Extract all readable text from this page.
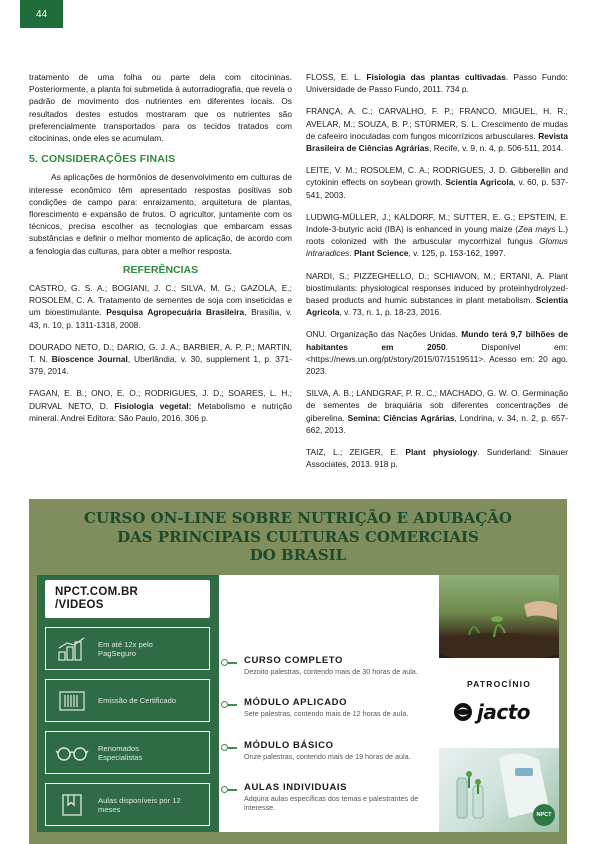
44

tratamento de uma folha ou parte dela com citocininas. Posteriormente, a planta foi submetida à autorradiografia, que revela o padrão de movimento dos nutrientes em diferentes locais. Os resultados destes estudos mostraram que os nutrientes são preferencialmente transportados para os tecidos tratados com citocininas, onde eles se acumulam.

5. CONSIDERAÇÕES FINAIS

As aplicações de hormônios de desenvolvimento em culturas de interesse econômico têm apresentado respostas positivas sob condições de campo para: enraizamento, arquitetura de plantas, florescimento e expansão de frutos. O agricultor, juntamente com os técnicos, precisa escolher as tecnologias que embarcam essas substâncias e definir o melhor momento de aplicação, de acordo com a fenologia das culturas, para obter a melhor resposta.

REFERÊNCIAS

CASTRO, G. S. A.; BOGIANI, J. C.; SILVA, M. G.; GAZOLA, E.; ROSOLEM, C. A. Tratamento de sementes de soja com inseticidas e um bioestimulante. Pesquisa Agropecuária Brasileira, Brasília, v. 43, n. 10, p. 1311-1318, 2008.

DOURADO NETO, D.; DARIO, G. J. A.; BARBIER, A. P. P.; MARTIN, T. N. Bioscence Journal, Uberlândia, v. 30, supplement 1, p. 371-379, 2014.

FAGAN, E. B.; ONO, E. O.; RODRIGUES, J. D.; SOARES, L. H.; DURVAL NETO, D. Fisiologia vegetal: Metabolismo e nutrição mineral. Andrei Editora: São Paulo, 2016. 306 p.

FLOSS, E. L. Fisiologia das plantas cultivadas. Passo Fundo: Universidade de Passo Fundo, 2011. 734 p.

FRANÇA, A. C.; CARVALHO, F. P.; FRANCO, MIGUEL, H. R.; AVELAR, M.; SOUZA, B. P.; STÜRMER, S. L. Crescimento de mudas de cafeeiro inoculadas com fungos micorrízicos arbusculares. Revista Brasileira de Ciências Agrárias, Recife, v. 9, n. 4, p. 506-511, 2014.

LEITE, V. M.; ROSOLEM, C. A.; RODRIGUES, J. D. Gibberellin and cytokinin effects on soybean growth. Scientia Agricola, v. 60, p. 537-541, 2003.

LUDWIG-MÜLLER, J.; KALDORF, M.; SUTTER, E. G.; EPSTEIN, E. Indole-3-butyric acid (IBA) is enhanced in young maize (Zea mays L.) roots colonized with the arbuscular mycorrhizal fungus Glomus intraradices. Plant Science, v. 125, p. 153-162, 1997.

NARDI, S.; PIZZEGHELLO, D.; SCHIAVON, M.; ERTANI, A. Plant biostimulants: physiological responses induced by proteinhydrolyzed-based products and humic substances in plant metabolism. Scientia Agricola, v. 73, n. 1, p. 18-23, 2016.

ONU. Organização das Nações Unidas. Mundo terá 9,7 bilhões de habitantes em 2050. Disponível em: <https://news.un.org/pt/story/2015/07/1519511>. Acesso em: 20 ago. 2023.

SILVA, A. B.; LANDGRAF, P. R. C.; MACHADO, G. W. O. Germinação de sementes de braquiária sob diferentes concentrações de giberelina. Semina: Ciências Agrárias, Londrina, v. 34, n. 2, p. 657-662, 2013.

TAIZ, L.; ZEIGER, E. Plant physiology. Sunderland: Sinauer Associates, 2013. 918 p.

CURSO ON-LINE SOBRE NUTRIÇÃO E ADUBAÇÃO
DAS PRINCIPAIS CULTURAS COMERCIAIS
DO BRASIL
NPCT.COM.BR
/VIDEOS
Em até 12x pelo PagSeguro
Emissão de Certificado
Renomados Especialistas
Aulas disponíveis por 12 meses
CURSO COMPLETO
Dezoito palestras, contendo mais de 30 horas de aula.
MÓDULO APLICADO
Sete palestras, contendo mais de 12 horas de aula.
MÓDULO BÁSICO
Onze palestras, contendo mais de 19 horas de aula.
AULAS INDIVIDUAIS
Adquira aulas específicas dos temas e palestrantes de interesse.
PATROCÍNIO
jacto
NPCT
